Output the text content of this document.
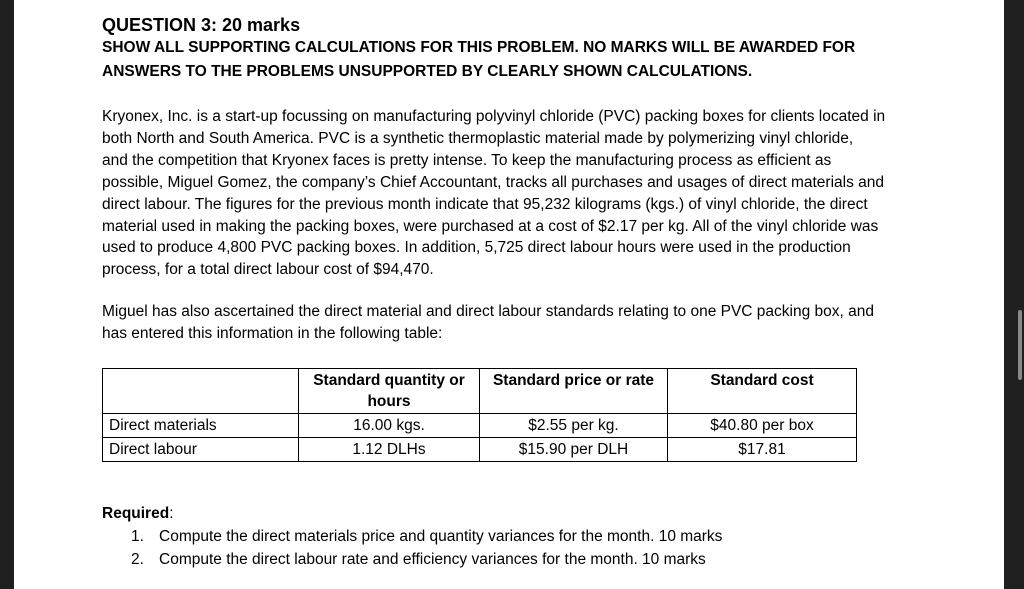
QUESTION 3: 20 marks

SHOW ALL SUPPORTING CALCULATIONS FOR THIS PROBLEM. NO MARKS WILL BE AWARDED FOR

ANSWERS TO THE PROBLEMS UNSUPPORTED BY CLEARLY SHOWN CALCULATIONS.

Kryonex, Inc. is a start-up focussing on manufacturing polyvinyl chloride (PVC) packing boxes for clients located in
both North and South America. PVC is a synthetic thermoplastic material made by polymerizing vinyl chloride,
and the competition that Kryonex faces is pretty intense. To keep the manufacturing process as efficient as
possible, Miguel Gomez, the company’s Chief Accountant, tracks all purchases and usages of direct materials and
direct labour. The figures for the previous month indicate that 95,232 kilograms (kgs.) of vinyl chloride, the direct
material used in making the packing boxes, were purchased at a cost of $2.17 per kg. All of the vinyl chloride was
used to produce 4,800 PVC packing boxes. In addition, 5,725 direct labour hours were used in the production
process, for a total direct labour cost of $94,470.
Miguel has also ascertained the direct material and direct labour standards relating to one PVC packing box, and
has entered this information in the following table:
	Standard quantity or hours	Standard price or rate	Standard cost
Direct materials	16.00 kgs.	$2.55 per kg.	$40.80 per box
Direct labour	1.12 DLHs	$15.90 per DLH	$17.81
Required:
1. Compute the direct materials price and quantity variances for the month. 10 marks
2. Compute the direct labour rate and efficiency variances for the month. 10 marks
